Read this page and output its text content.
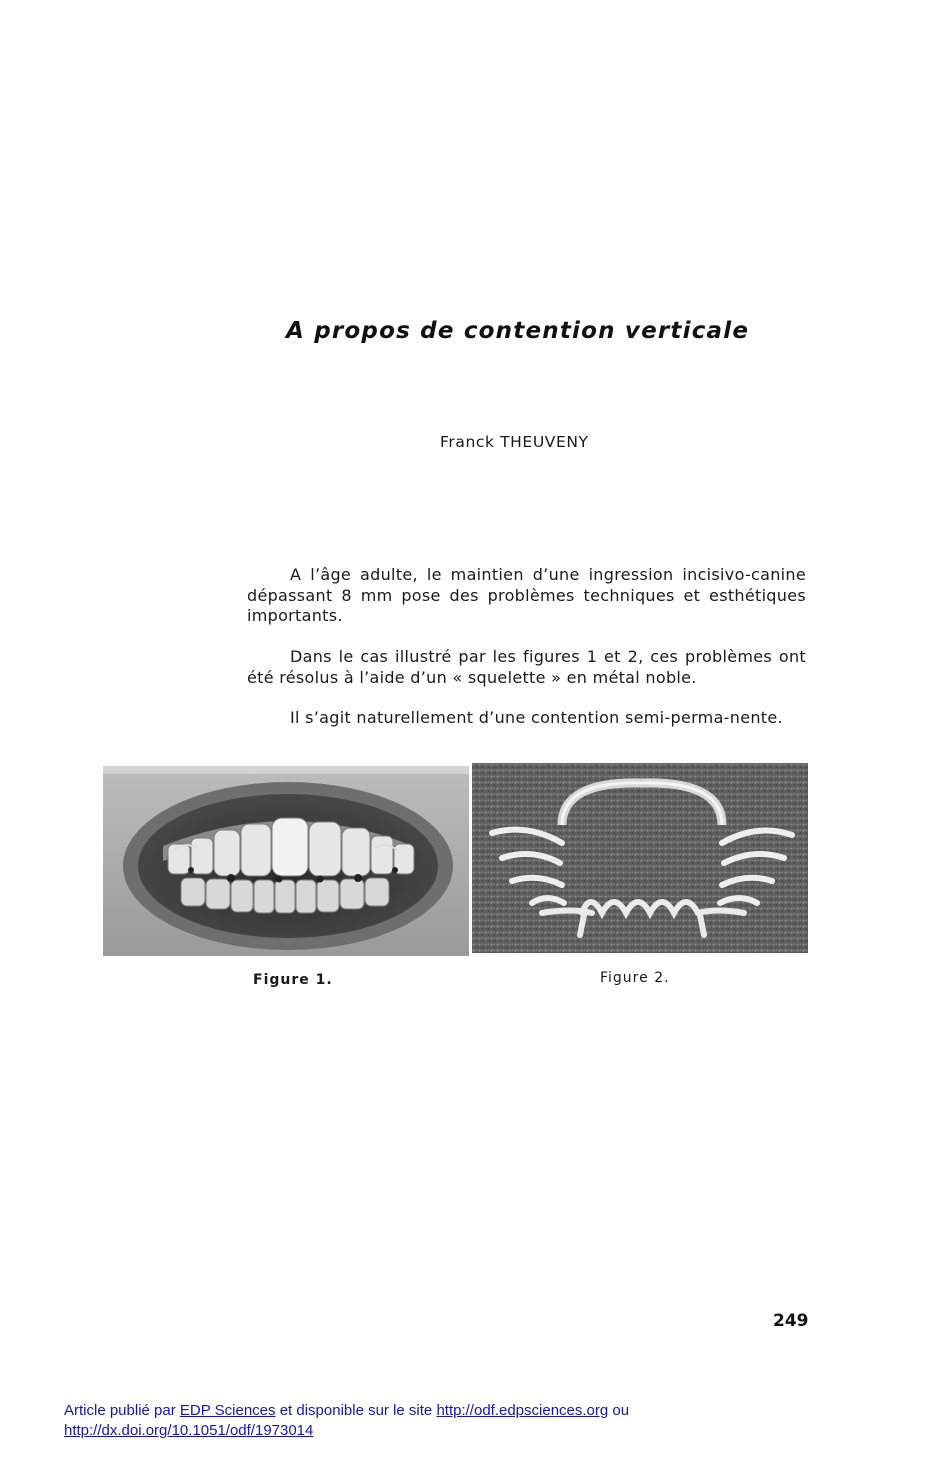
A propos de contention verticale
Franck THEUVENY

A l’âge adulte, le maintien d’une ingression incisivo-canine dépassant 8 mm pose des problèmes techniques et esthétiques importants.

Dans le cas illustré par les figures 1 et 2, ces problèmes ont été résolus à l’aide d’un « squelette » en métal noble.

Il s’agit naturellement d’une contention semi-perma-nente.

Figure 1.	Figure 2.
249
Article publié par EDP Sciences et disponible sur le site http://odf.edpsciences.org ou
http://dx.doi.org/10.1051/odf/1973014
